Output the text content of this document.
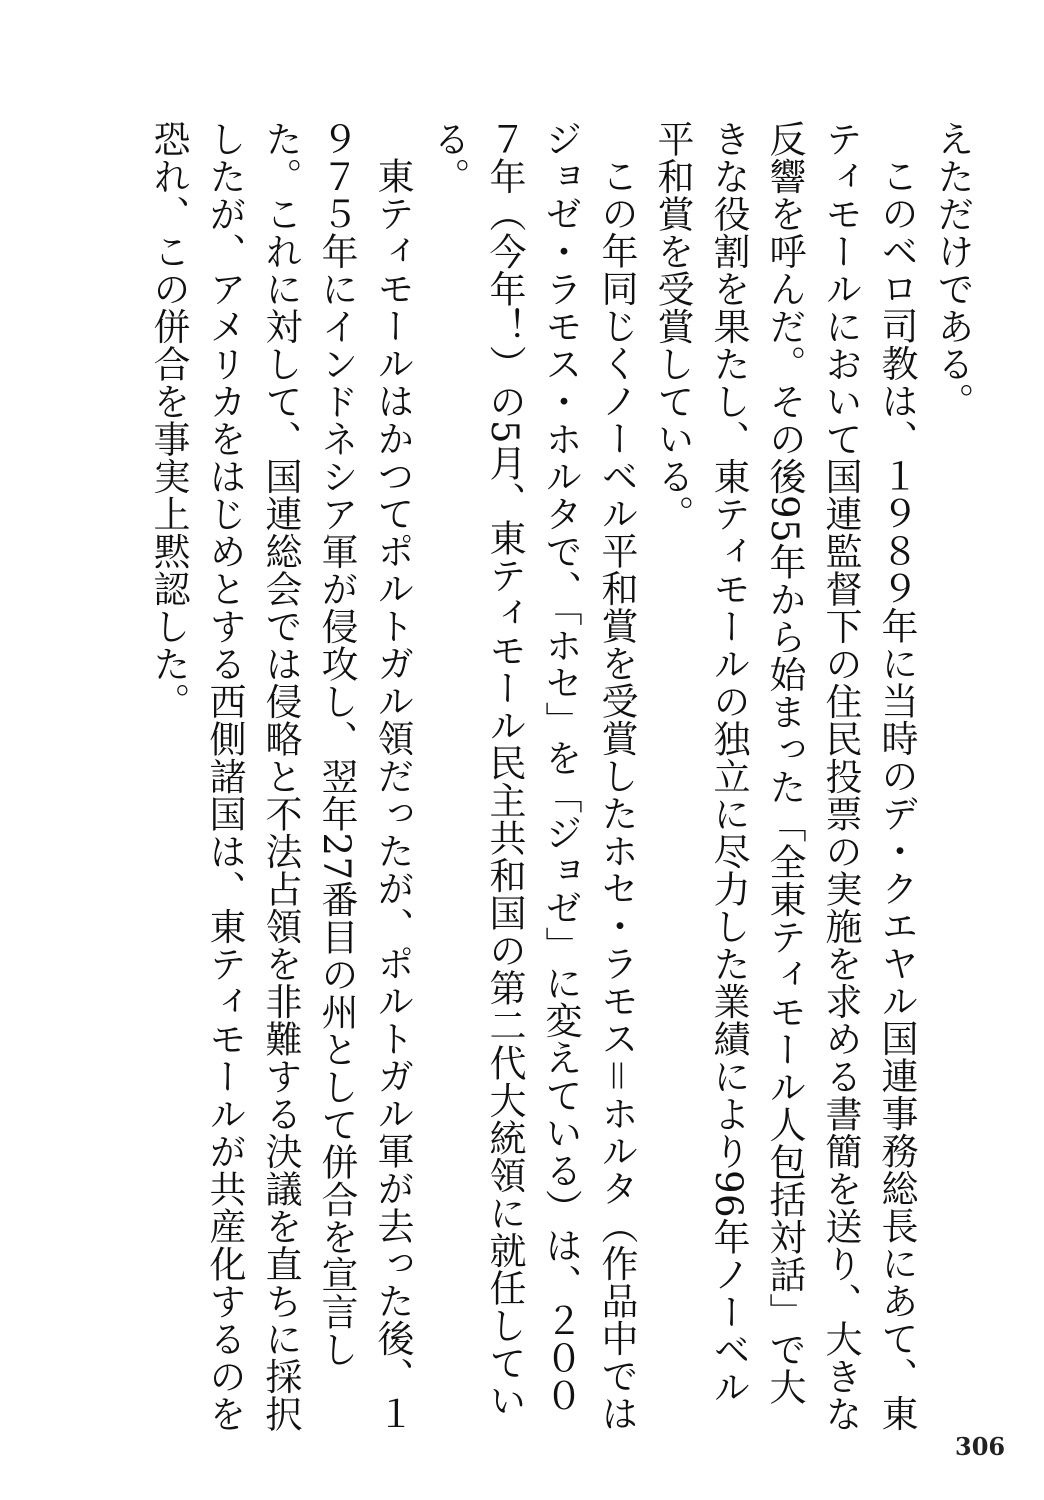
えただけである。

このベロ司教は、１９８９年に当時のデ・クエヤル国連事務総長にあて、東ティモールにおいて国連監督下の住民投票の実施を求める書簡を送り、大きな反響を呼んだ。その後95年から始まった「全東ティモール人包括対話」で大きな役割を果たし、東ティモールの独立に尽力した業績により96年ノーベル平和賞を受賞している。

この年同じくノーベル平和賞を受賞したホセ・ラモス＝ホルタ（作品中ではジョゼ・ラモス・ホルタで、「ホセ」を「ジョゼ」に変えている）は、２００７年（今年！）の5月、東ティモール民主共和国の第二代大統領に就任している。

東ティモールはかつてポルトガル領だったが、ポルトガル軍が去った後、１９７５年にインドネシア軍が侵攻し、翌年27番目の州として併合を宣言した。これに対して、国連総会では侵略と不法占領を非難する決議を直ちに採択したが、アメリカをはじめとする西側諸国は、東ティモールが共産化するのを恐れ、この併合を事実上黙認した。

306
